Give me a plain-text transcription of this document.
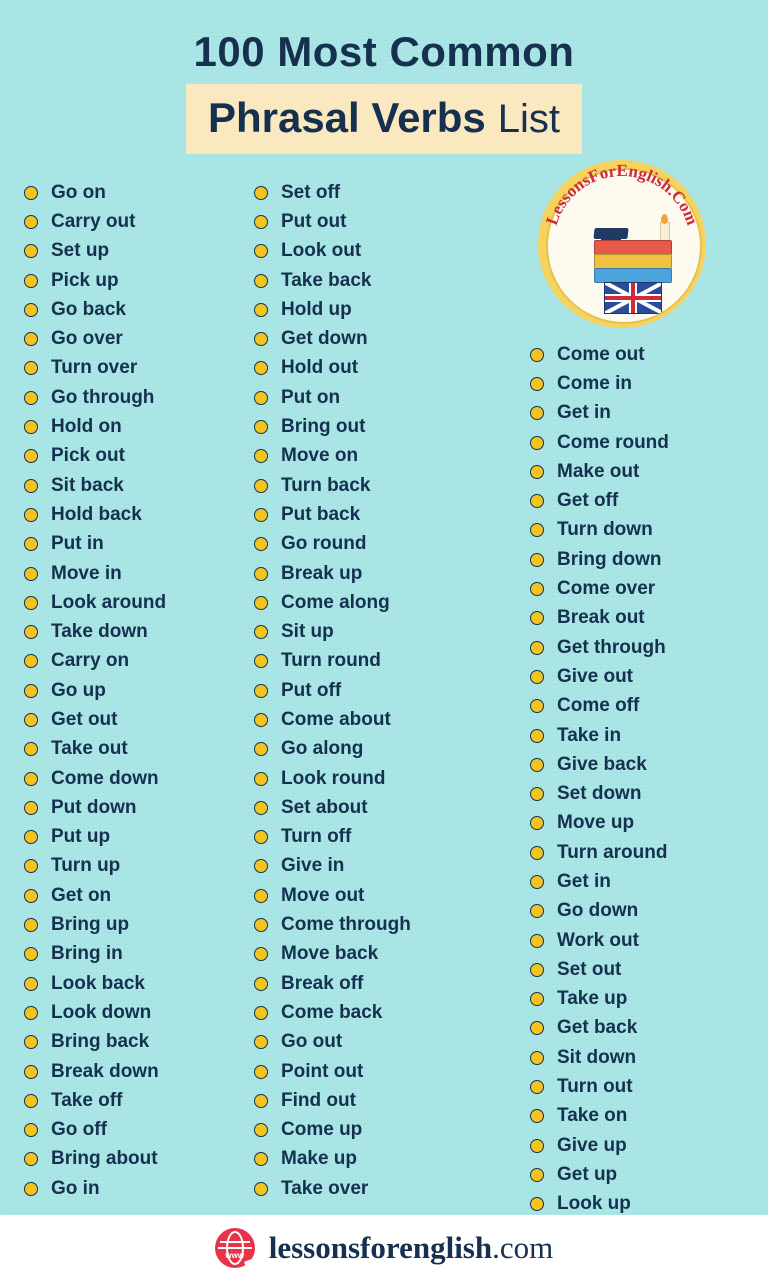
100 Most Common
Phrasal Verbs List
LessonsForEnglish.Com
Go on
Carry out
Set up
Pick up
Go back
Go over
Turn over
Go through
Hold on
Pick out
Sit back
Hold back
Put in
Move in
Look around
Take down
Carry on
Go up
Get out
Take out
Come down
Put down
Put up
Turn up
Get on
Bring up
Bring in
Look back
Look down
Bring back
Break down
Take off
Go off
Bring about
Go in
Set off
Put out
Look out
Take back
Hold up
Get down
Hold out
Put on
Bring out
Move on
Turn back
Put back
Go round
Break up
Come along
Sit up
Turn round
Put off
Come about
Go along
Look round
Set about
Turn off
Give in
Move out
Come through
Move back
Break off
Come back
Go out
Point out
Find out
Come up
Make up
Take over
Come out
Come in
Get in
Come round
Make out
Get off
Turn down
Bring down
Come over
Break out
Get through
Give out
Come off
Take in
Give back
Set down
Move up
Turn around
Get in
Go down
Work out
Set out
Take up
Get back
Sit down
Turn out
Take on
Give up
Get up
Look up
www lessonsforenglish.com
